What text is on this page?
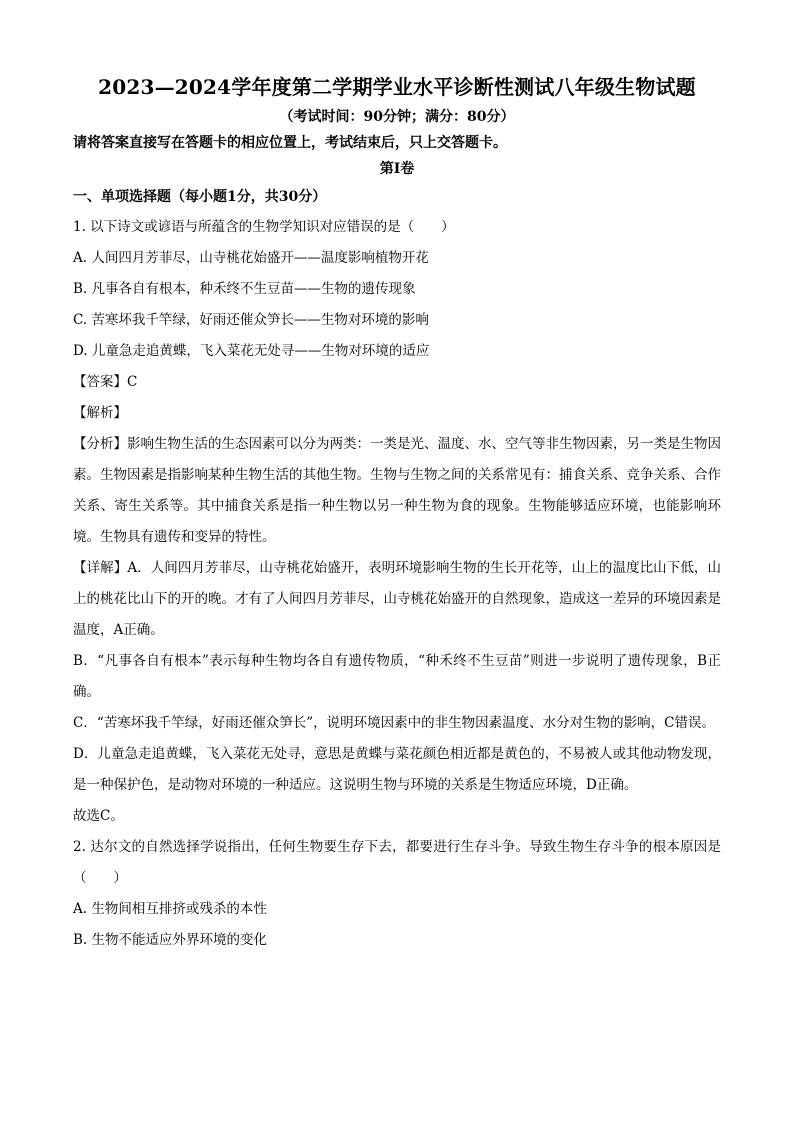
2023—2024学年度第二学期学业水平诊断性测试八年级生物试题
（考试时间：90分钟；满分：80分）
请将答案直接写在答题卡的相应位置上，考试结束后，只上交答题卡。
第Ⅰ卷
一、单项选择题（每小题1分，共30分）

1. 以下诗文或谚语与所蕴含的生物学知识对应错误的是（　　）

A. 人间四月芳菲尽，山寺桃花始盛开——温度影响植物开花

B. 凡事各自有根本，种禾终不生豆苗——生物的遗传现象

C. 苦寒坏我千竿绿，好雨还催众笋长——生物对环境的影响

D. 儿童急走追黄蝶，飞入菜花无处寻——生物对环境的适应

【答案】C

【解析】

【分析】影响生物生活的生态因素可以分为两类：一类是光、温度、水、空气等非生物因素，另一类是生物因素。生物因素是指影响某种生物生活的其他生物。生物与生物之间的关系常见有：捕食关系、竞争关系、合作关系、寄生关系等。其中捕食关系是指一种生物以另一种生物为食的现象。生物能够适应环境，也能影响环境。生物具有遗传和变异的特性。

【详解】A．人间四月芳菲尽，山寺桃花始盛开，表明环境影响生物的生长开花等，山上的温度比山下低，山上的桃花比山下的开的晚。才有了人间四月芳菲尽，山寺桃花始盛开的自然现象，造成这一差异的环境因素是温度，A正确。

B．“凡事各自有根本”表示每种生物均各自有遗传物质，“种禾终不生豆苗”则进一步说明了遗传现象，B正确。

C．“苦寒坏我千竿绿，好雨还催众笋长”，说明环境因素中的非生物因素温度、水分对生物的影响，C错误。

D．儿童急走追黄蝶，飞入菜花无处寻，意思是黄蝶与菜花颜色相近都是黄色的，不易被人或其他动物发现，是一种保护色，是动物对环境的一种适应。这说明生物与环境的关系是生物适应环境，D正确。

故选C。

2. 达尔文的自然选择学说指出，任何生物要生存下去，都要进行生存斗争。导致生物生存斗争的根本原因是（　　）

A. 生物间相互排挤或残杀的本性

B. 生物不能适应外界环境的变化
